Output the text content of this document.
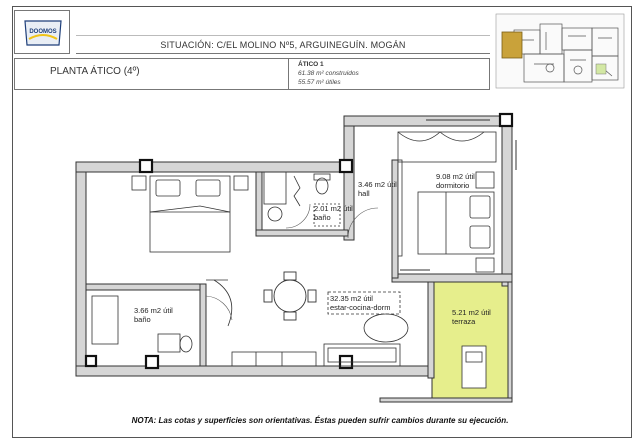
DOOMOS
SITUACIÓN: C/EL MOLINO Nº5, ARGUINEGUÍN. MOGÁN
PLANTA ÁTICO (4º)
ÁTICO 1
61.38 m² construidos
55.57 m² útiles
3.46 m2 útil
hall
2.01 m2 útil
baño
9.08 m2 útil
dormitorio
3.66 m2 útil
baño
32.35 m2 útil
estar-cocina-dorm
5.21 m2 útil
terraza
NOTA: Las cotas y superficies son orientativas. Éstas pueden sufrir cambios durante su ejecución.
